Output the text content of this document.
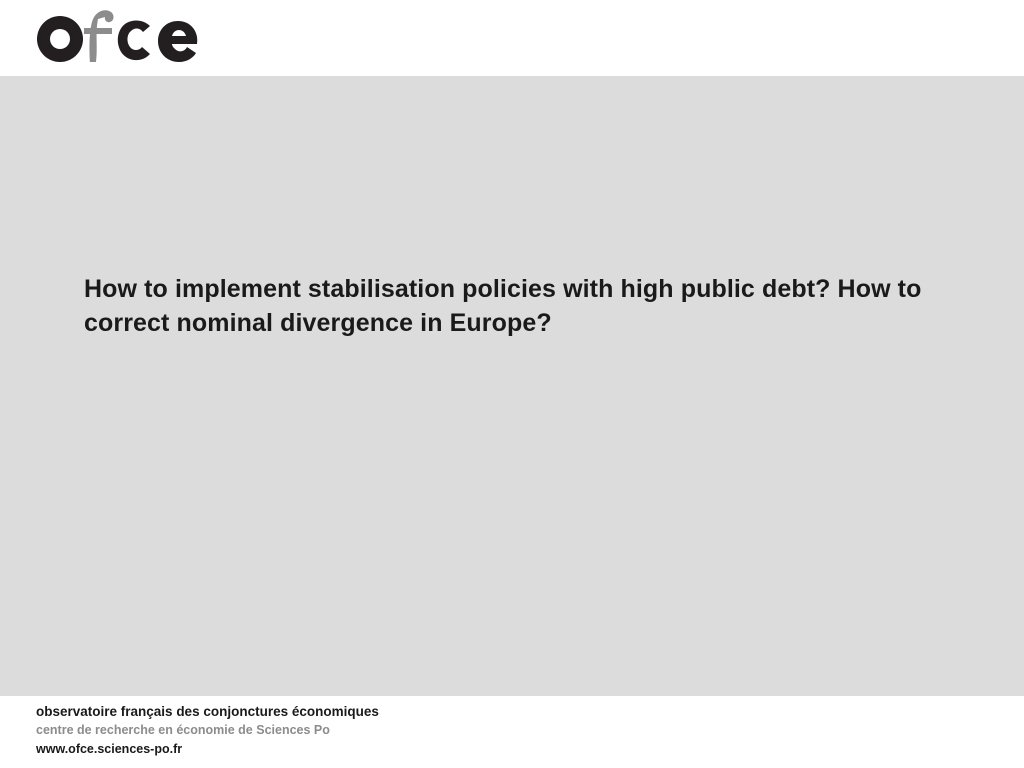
How to implement stabilisation policies with high public debt? How to correct nominal divergence in Europe?
observatoire français des conjonctures économiques
centre de recherche en économie de Sciences Po
www.ofce.sciences-po.fr
